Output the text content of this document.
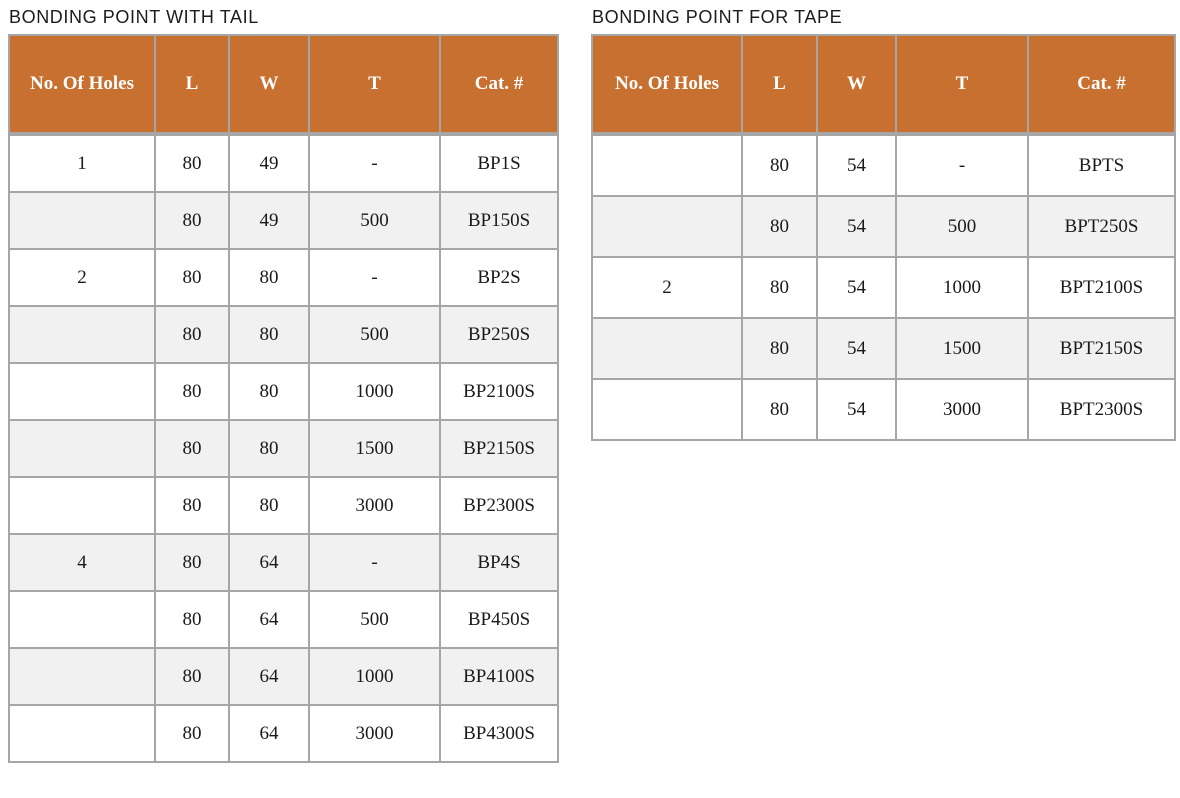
BONDING POINT WITH TAIL
No. Of Holes	L	W	T	Cat. #
1	80	49	-	BP1S
	80	49	500	BP150S
2	80	80	-	BP2S
	80	80	500	BP250S
	80	80	1000	BP2100S
	80	80	1500	BP2150S
	80	80	3000	BP2300S
4	80	64	-	BP4S
	80	64	500	BP450S
	80	64	1000	BP4100S
	80	64	3000	BP4300S
BONDING POINT FOR TAPE
No. Of Holes	L	W	T	Cat. #
	80	54	-	BPTS
	80	54	500	BPT250S
2	80	54	1000	BPT2100S
	80	54	1500	BPT2150S
	80	54	3000	BPT2300S
